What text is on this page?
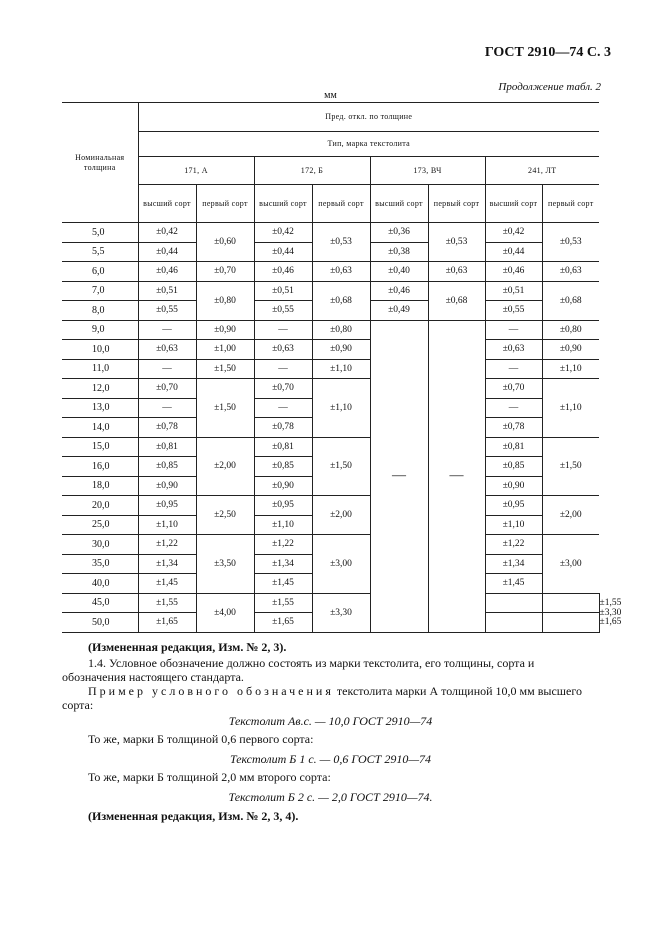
ГОСТ 2910—74 С. 3
Продолжение табл. 2
мм
Номинальная толщина	Пред. откл. по толщине								
	Тип, марка текстолита								
	171, А		172, Б		173, ВЧ		241, ЛТ		
	высший сорт	первый сорт	высший сорт	первый сорт	высший сорт	первый сорт	высший сорт	первый сорт	
5,0	±0,42	±0,60	±0,42	±0,53	±0,36	±0,53	±0,42	±0,53	
5,5	±0,44		±0,44		±0,38		±0,44		
6,0	±0,46	±0,70	±0,46	±0,63	±0,40	±0,63	±0,46	±0,63	
7,0	±0,51	±0,80	±0,51	±0,68	±0,46	±0,68	±0,51	±0,68	
8,0	±0,55		±0,55		±0,49		±0,55		
9,0	—	±0,90	—	±0,80	—	—	—	±0,80	
10,0	±0,63	±1,00	±0,63	±0,90			±0,63	±0,90	
11,0	—	±1,50	—	±1,10			—	±1,10	
12,0	±0,70	±1,50	±0,70	±1,10			±0,70	±1,10	
13,0	—		—				—		
14,0	±0,78		±0,78				±0,78		
15,0	±0,81	±2,00	±0,81	±1,50			±0,81	±1,50	
16,0	±0,85		±0,85				±0,85		
18,0	±0,90		±0,90				±0,90		
20,0	±0,95	±2,50	±0,95	±2,00			±0,95	±2,00	
25,0	±1,10		±1,10				±1,10		
30,0	±1,22	±3,50	±1,22	±3,00			±1,22	±3,00	
35,0	±1,34		±1,34				±1,34		
40,0	±1,45		±1,45				±1,45		
45,0	±1,55	±4,00	±1,55	±3,30					±1,55	±3,30
50,0	±1,65		±1,65						±1,65
(Измененная редакция, Изм. № 2, 3).
1.4. Условное обозначение должно состоять из марки текстолита, его толщины, сорта и обозначения настоящего стандарта.
Пример условного обозначения текстолита марки А толщиной 10,0 мм высшего сорта:
Текстолит Ав.с. — 10,0 ГОСТ 2910—74
То же, марки Б толщиной 0,6 первого сорта:
Текстолит Б 1 с. — 0,6 ГОСТ 2910—74
То же, марки Б толщиной 2,0 мм второго сорта:
Текстолит Б 2 с. — 2,0 ГОСТ 2910—74.
(Измененная редакция, Изм. № 2, 3, 4).
